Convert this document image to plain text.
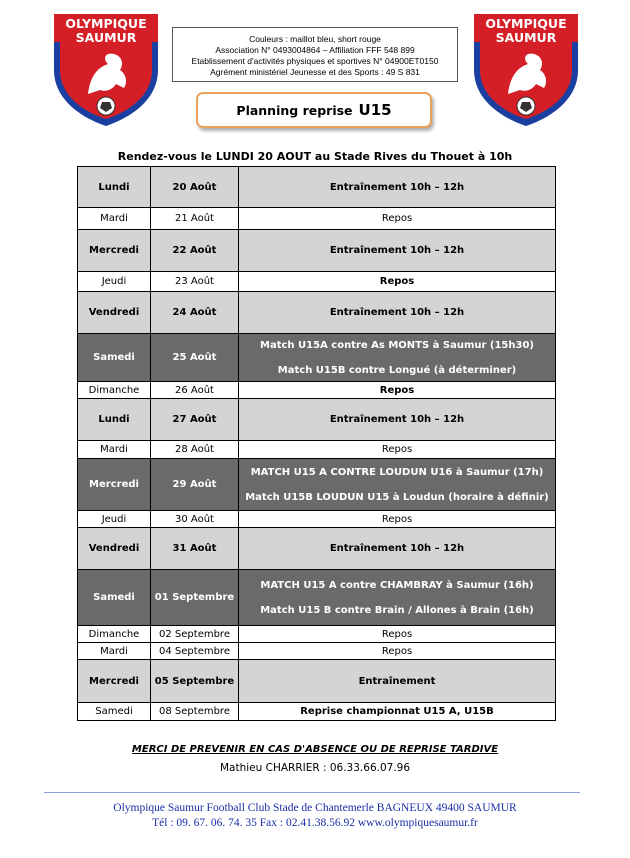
OLYMPIQUE
SAUMUR
OLYMPIQUE
SAUMUR
Couleurs : maillot bleu, short rouge
Association N° 0493004864 – Affiliation FFF 548 899
Etablissement d'activités physiques et sportives N° 04900ET0150
Agrément ministériel Jeunesse et des Sports : 49 S 831
Planning reprise U15
Rendez-vous le LUNDI 20 AOUT au Stade Rives du Thouet à 10h
Lundi	20 Août	Entraînement 10h – 12h

Mardi	21 Août	Repos

Mercredi	22 Août	Entraînement 10h – 12h

Jeudi	23 Août	Repos

Vendredi	24 Août	Entraînement 10h – 12h

Samedi	25 Août	Match U15A contre As MONTS à Saumur (15h30)
Match U15B contre Longué (à déterminer)

Dimanche	26 Août	Repos

Lundi	27 Août	Entraînement 10h – 12h

Mardi	28 Août	Repos

Mercredi	29 Août	MATCH U15 A CONTRE LOUDUN U16 à Saumur (17h)
Match U15B LOUDUN U15 à Loudun (horaire à définir)

Jeudi	30 Août	Repos

Vendredi	31 Août	Entraînement 10h – 12h

Samedi	01 Septembre	MATCH U15 A contre CHAMBRAY à Saumur (16h)
Match U15 B contre Brain / Allones à Brain (16h)

Dimanche	02 Septembre	Repos

Mardi	04 Septembre	Repos

Mercredi	05 Septembre	Entraînement

Samedi	08 Septembre	Reprise championnat U15 A, U15B
MERCI DE PREVENIR EN CAS D'ABSENCE OU DE REPRISE TARDIVE
Mathieu CHARRIER : 06.33.66.07.96
Olympique Saumur Football Club Stade de Chantemerle BAGNEUX 49400 SAUMUR
Tél : 09. 67. 06. 74. 35 Fax : 02.41.38.56.92 www.olympiquesaumur.fr
